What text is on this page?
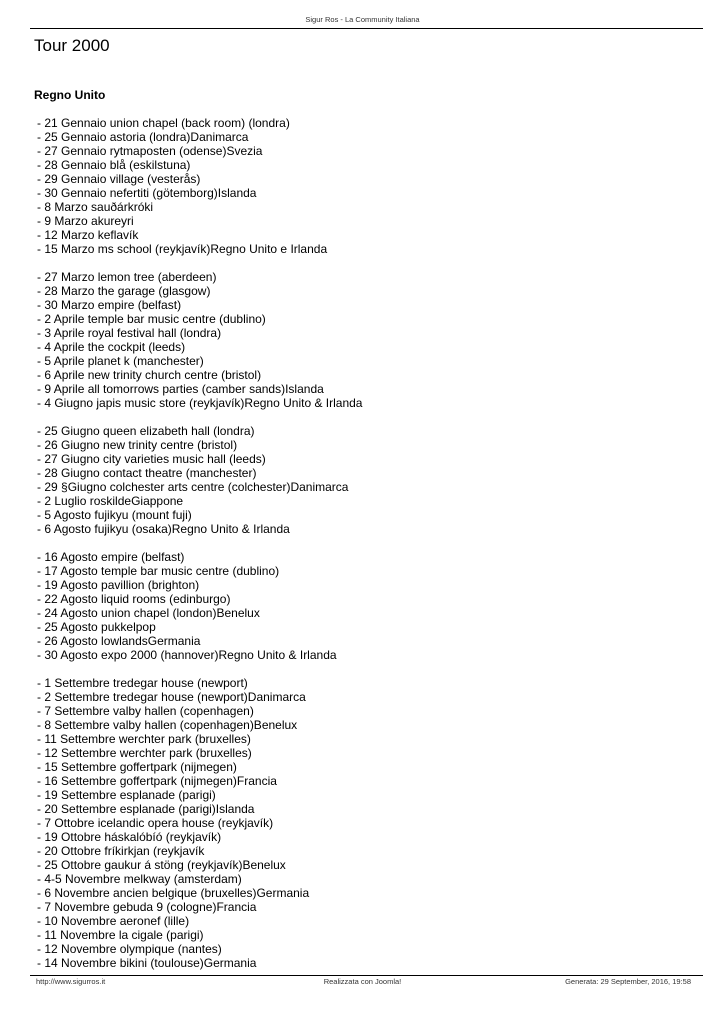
Sigur Ros - La Community Italiana
Tour 2000
Regno Unito
- 21 Gennaio union chapel (back room) (londra)
- 25 Gennaio astoria (londra)Danimarca
- 27 Gennaio rytmaposten (odense)Svezia
- 28 Gennaio blå (eskilstuna)
- 29 Gennaio village (vesterås)
- 30 Gennaio nefertiti (götemborg)Islanda
- 8 Marzo sauðárkróki
- 9 Marzo akureyri
- 12 Marzo keflavík
- 15 Marzo ms school (reykjavík)Regno Unito e Irlanda
- 27 Marzo lemon tree (aberdeen)
- 28 Marzo the garage (glasgow)
- 30 Marzo empire (belfast)
- 2 Aprile temple bar music centre (dublino)
- 3 Aprile royal festival hall (londra)
- 4 Aprile the cockpit (leeds)
- 5 Aprile planet k (manchester)
- 6 Aprile new trinity church centre (bristol)
- 9 Aprile all tomorrows parties (camber sands)Islanda
- 4 Giugno japis music store (reykjavík)Regno Unito & Irlanda
- 25 Giugno queen elizabeth hall (londra)
- 26 Giugno new trinity centre (bristol)
- 27 Giugno city varieties music hall (leeds)
- 28 Giugno contact theatre (manchester)
- 29 §Giugno colchester arts centre (colchester)Danimarca
- 2 Luglio roskildeGiappone
- 5 Agosto fujikyu (mount fuji)
- 6 Agosto fujikyu (osaka)Regno Unito & Irlanda
- 16 Agosto empire (belfast)
- 17 Agosto temple bar music centre (dublino)
- 19 Agosto pavillion (brighton)
- 22 Agosto liquid rooms (edinburgo)
- 24 Agosto union chapel (london)Benelux
- 25 Agosto pukkelpop
- 26 Agosto lowlandsGermania
- 30 Agosto expo 2000 (hannover)Regno Unito & Irlanda
- 1 Settembre tredegar house (newport)
- 2 Settembre tredegar house (newport)Danimarca
- 7 Settembre valby hallen (copenhagen)
- 8 Settembre valby hallen (copenhagen)Benelux
- 11 Settembre werchter park (bruxelles)
- 12 Settembre werchter park (bruxelles)
- 15 Settembre goffertpark (nijmegen)
- 16 Settembre goffertpark (nijmegen)Francia
- 19 Settembre esplanade (parigi)
- 20 Settembre esplanade (parigi)Islanda
- 7 Ottobre icelandic opera house (reykjavík)
- 19 Ottobre háskalóbíó (reykjavík)
- 20 Ottobre fríkirkjan (reykjavík
- 25 Ottobre gaukur á stöng (reykjavík)Benelux
- 4-5 Novembre melkway (amsterdam)
- 6 Novembre ancien belgique (bruxelles)Germania
- 7 Novembre gebuda 9 (cologne)Francia
- 10 Novembre aeronef (lille)
- 11 Novembre la cigale (parigi)
- 12 Novembre olympique (nantes)
- 14 Novembre bikini (toulouse)Germania
http://www.sigurros.it	Realizzata con Joomla!	Generata: 29 September, 2016, 19:58
